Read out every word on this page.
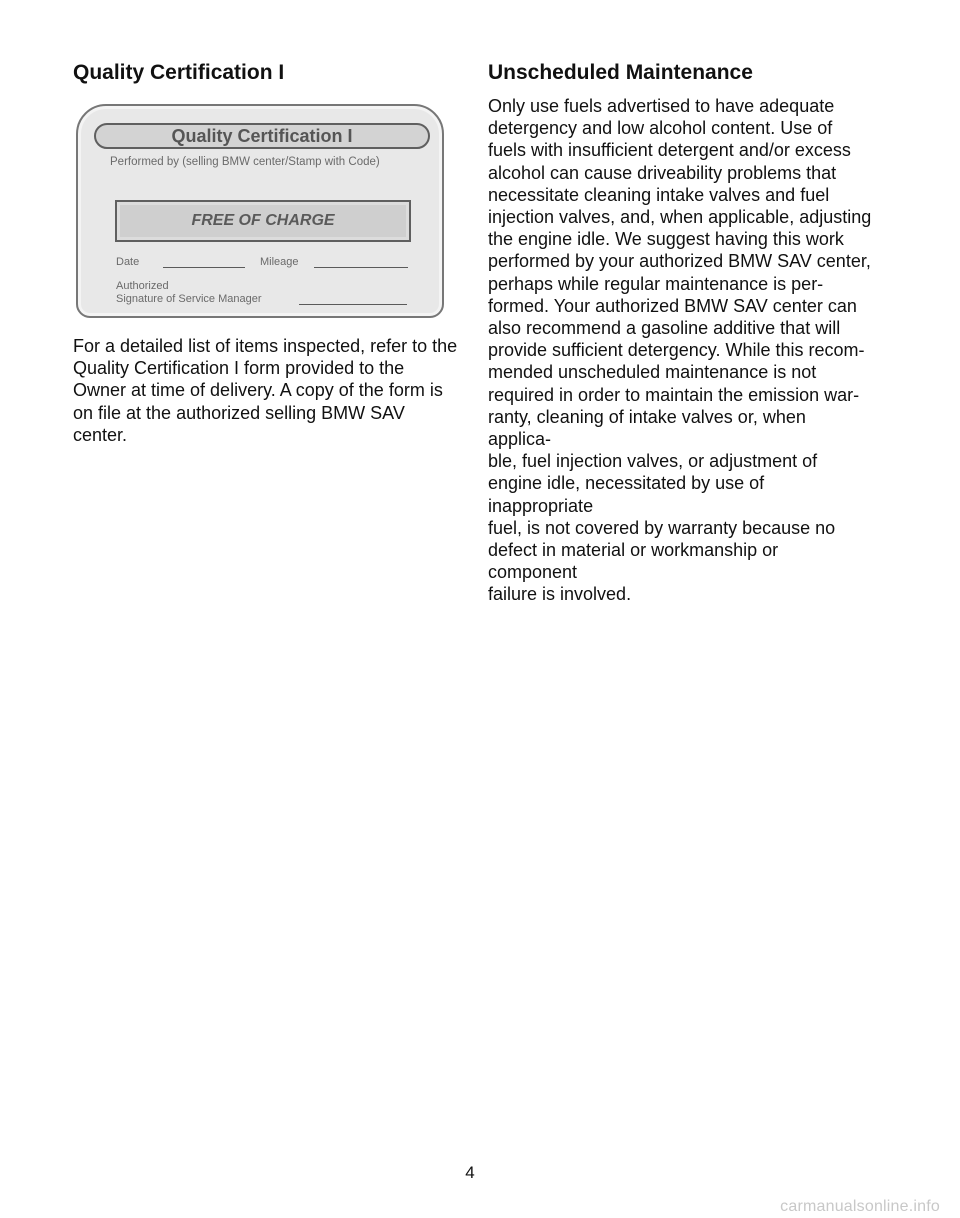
Quality Certification I
Quality Certification I
Performed by (selling BMW center/Stamp with Code)
FREE OF CHARGE
Date	Mileage
Authorized
Signature of Service Manager

For a detailed list of items inspected, refer to the
Quality Certification I form provided to the
Owner at time of delivery. A copy of the form is
on file at the authorized selling BMW SAV
center.

Unscheduled Maintenance

Only use fuels advertised to have adequate
detergency and low alcohol content. Use of
fuels with insufficient detergent and/or excess
alcohol can cause driveability problems that
necessitate cleaning intake valves and fuel
injection valves, and, when applicable, adjusting
the engine idle. We suggest having this work
performed by your authorized BMW SAV center,
perhaps while regular maintenance is per-
formed. Your authorized BMW SAV center can
also recommend a gasoline additive that will
provide sufficient detergency. While this recom-
mended unscheduled maintenance is not
required in order to maintain the emission war-
ranty, cleaning of intake valves or, when applica-
ble, fuel injection valves, or adjustment of
engine idle, necessitated by use of inappropriate
fuel, is not covered by warranty because no
defect in material or workmanship or component
failure is involved.

4
carmanualsonline.info
